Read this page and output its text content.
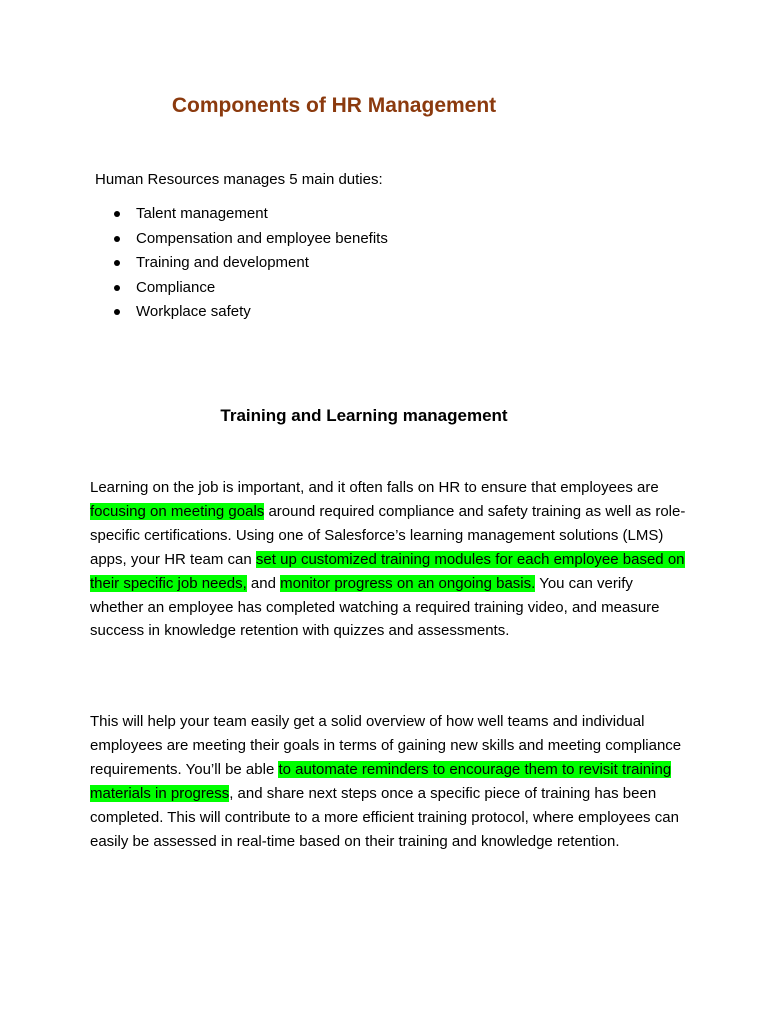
Components of HR Management

Human Resources manages 5 main duties:

Talent management
Compensation and employee benefits
Training and development
Compliance
Workplace safety
Training and Learning management

Learning on the job is important, and it often falls on HR to ensure that employees are focusing on meeting goals around required compliance and safety training as well as role-specific certifications. Using one of Salesforce’s learning management solutions (LMS) apps, your HR team can set up customized training modules for each employee based on their specific job needs, and monitor progress on an ongoing basis. You can verify whether an employee has completed watching a required training video, and measure success in knowledge retention with quizzes and assessments.

This will help your team easily get a solid overview of how well teams and individual employees are meeting their goals in terms of gaining new skills and meeting compliance requirements. You’ll be able to automate reminders to encourage them to revisit training materials in progress, and share next steps once a specific piece of training has been completed. This will contribute to a more efficient training protocol, where employees can easily be assessed in real-time based on their training and knowledge retention.
